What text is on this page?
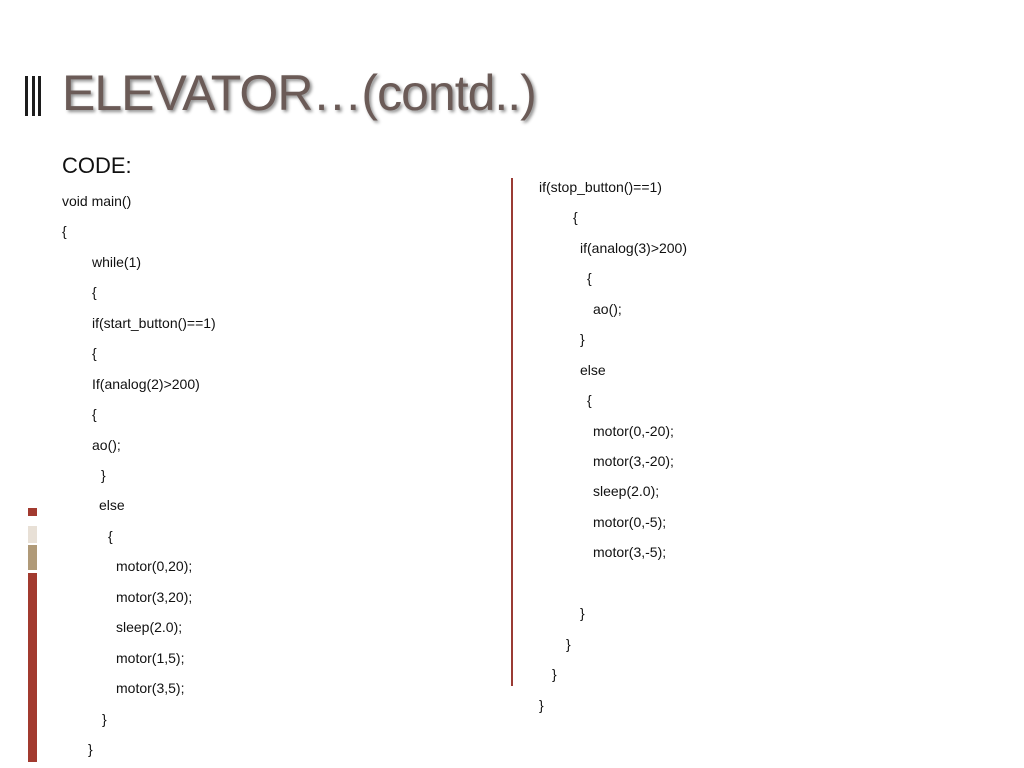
ELEVATOR…(contd..)
CODE:
void main()
{
while(1)
{
if(start_button()==1)
{
If(analog(2)>200)
{
ao();
}
else
{
motor(0,20);
motor(3,20);
sleep(2.0);
motor(1,5);
motor(3,5);
}
}
if(stop_button()==1)
{
if(analog(3)>200)
{
ao();
}
else
{
motor(0,-20);
motor(3,-20);
sleep(2.0);
motor(0,-5);
motor(3,-5);
}
}
}
}
